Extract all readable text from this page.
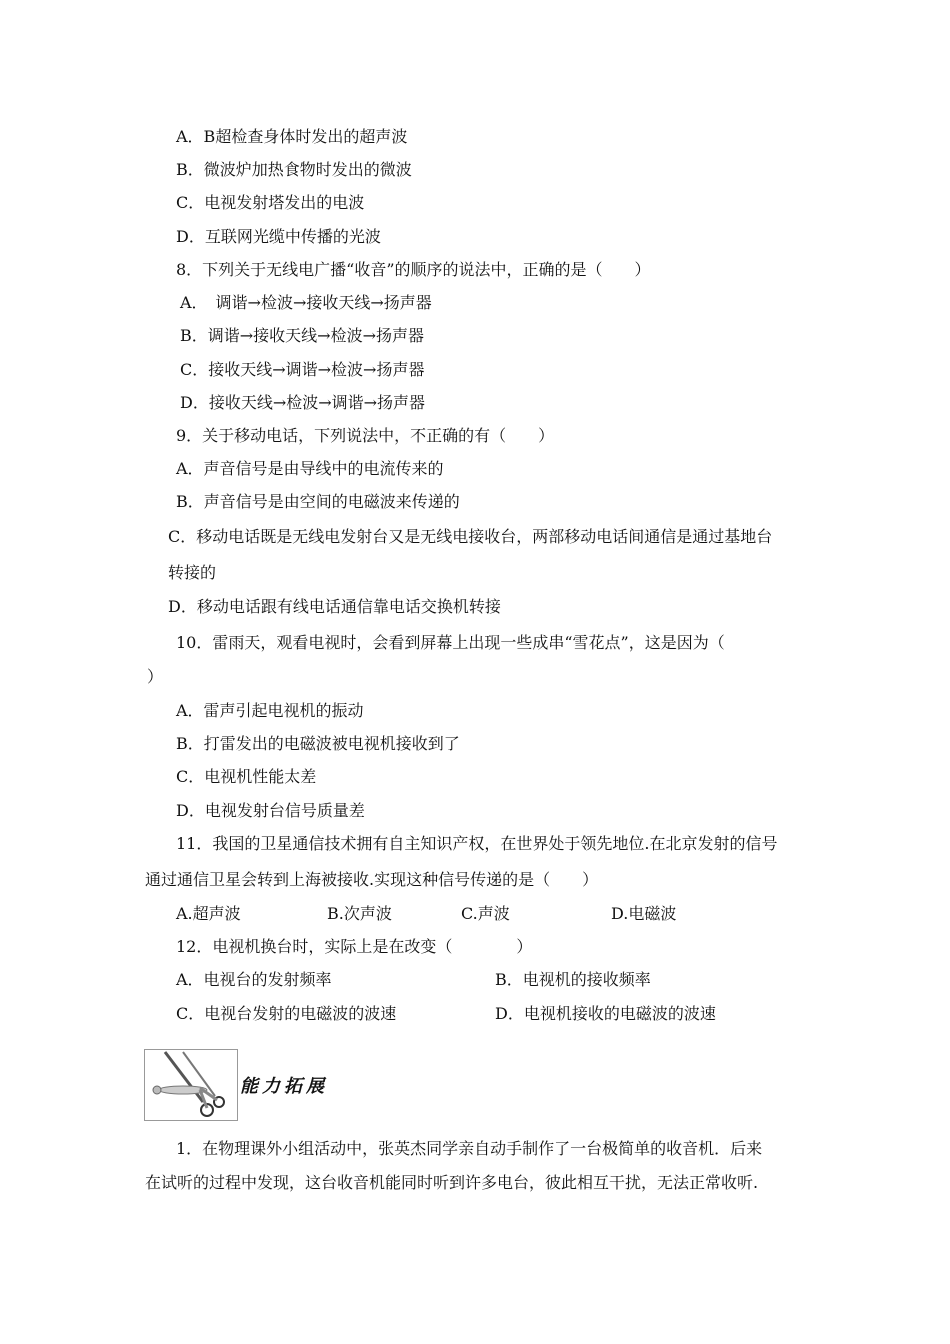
A．B超检查身体时发出的超声波
B．微波炉加热食物时发出的微波
C．电视发射塔发出的电波
D．互联网光缆中传播的光波
8．下列关于无线电广播“收音”的顺序的说法中，正确的是（　　）
A．　调谐→检波→接收天线→扬声器
B．调谐→接收天线→检波→扬声器
C．接收天线→调谐→检波→扬声器
D．接收天线→检波→调谐→扬声器
9．关于移动电话，下列说法中，不正确的有（　　）
A．声音信号是由导线中的电流传来的
B．声音信号是由空间的电磁波来传递的
C．移动电话既是无线电发射台又是无线电接收台，两部移动电话间通信是通过基地台
转接的
D．移动电话跟有线电话通信靠电话交换机转接
10．雷雨天，观看电视时，会看到屏幕上出现一些成串“雪花点”，这是因为（
）
A．雷声引起电视机的振动
B．打雷发出的电磁波被电视机接收到了
C．电视机性能太差
D．电视发射台信号质量差
11．我国的卫星通信技术拥有自主知识产权，在世界处于领先地位.在北京发射的信号
通过通信卫星会转到上海被接收.实现这种信号传递的是（　　）
A.超声波	B.次声波	C.声波	D.电磁波
12．电视机换台时，实际上是在改变（　　　　）
A．电视台的发射频率	B．电视机的接收频率
C．电视台发射的电磁波的波速	D．电视机接收的电磁波的波速
能力拓展
1．在物理课外小组活动中，张英杰同学亲自动手制作了一台极简单的收音机．后来
在试听的过程中发现，这台收音机能同时听到许多电台，彼此相互干扰，无法正常收听.
